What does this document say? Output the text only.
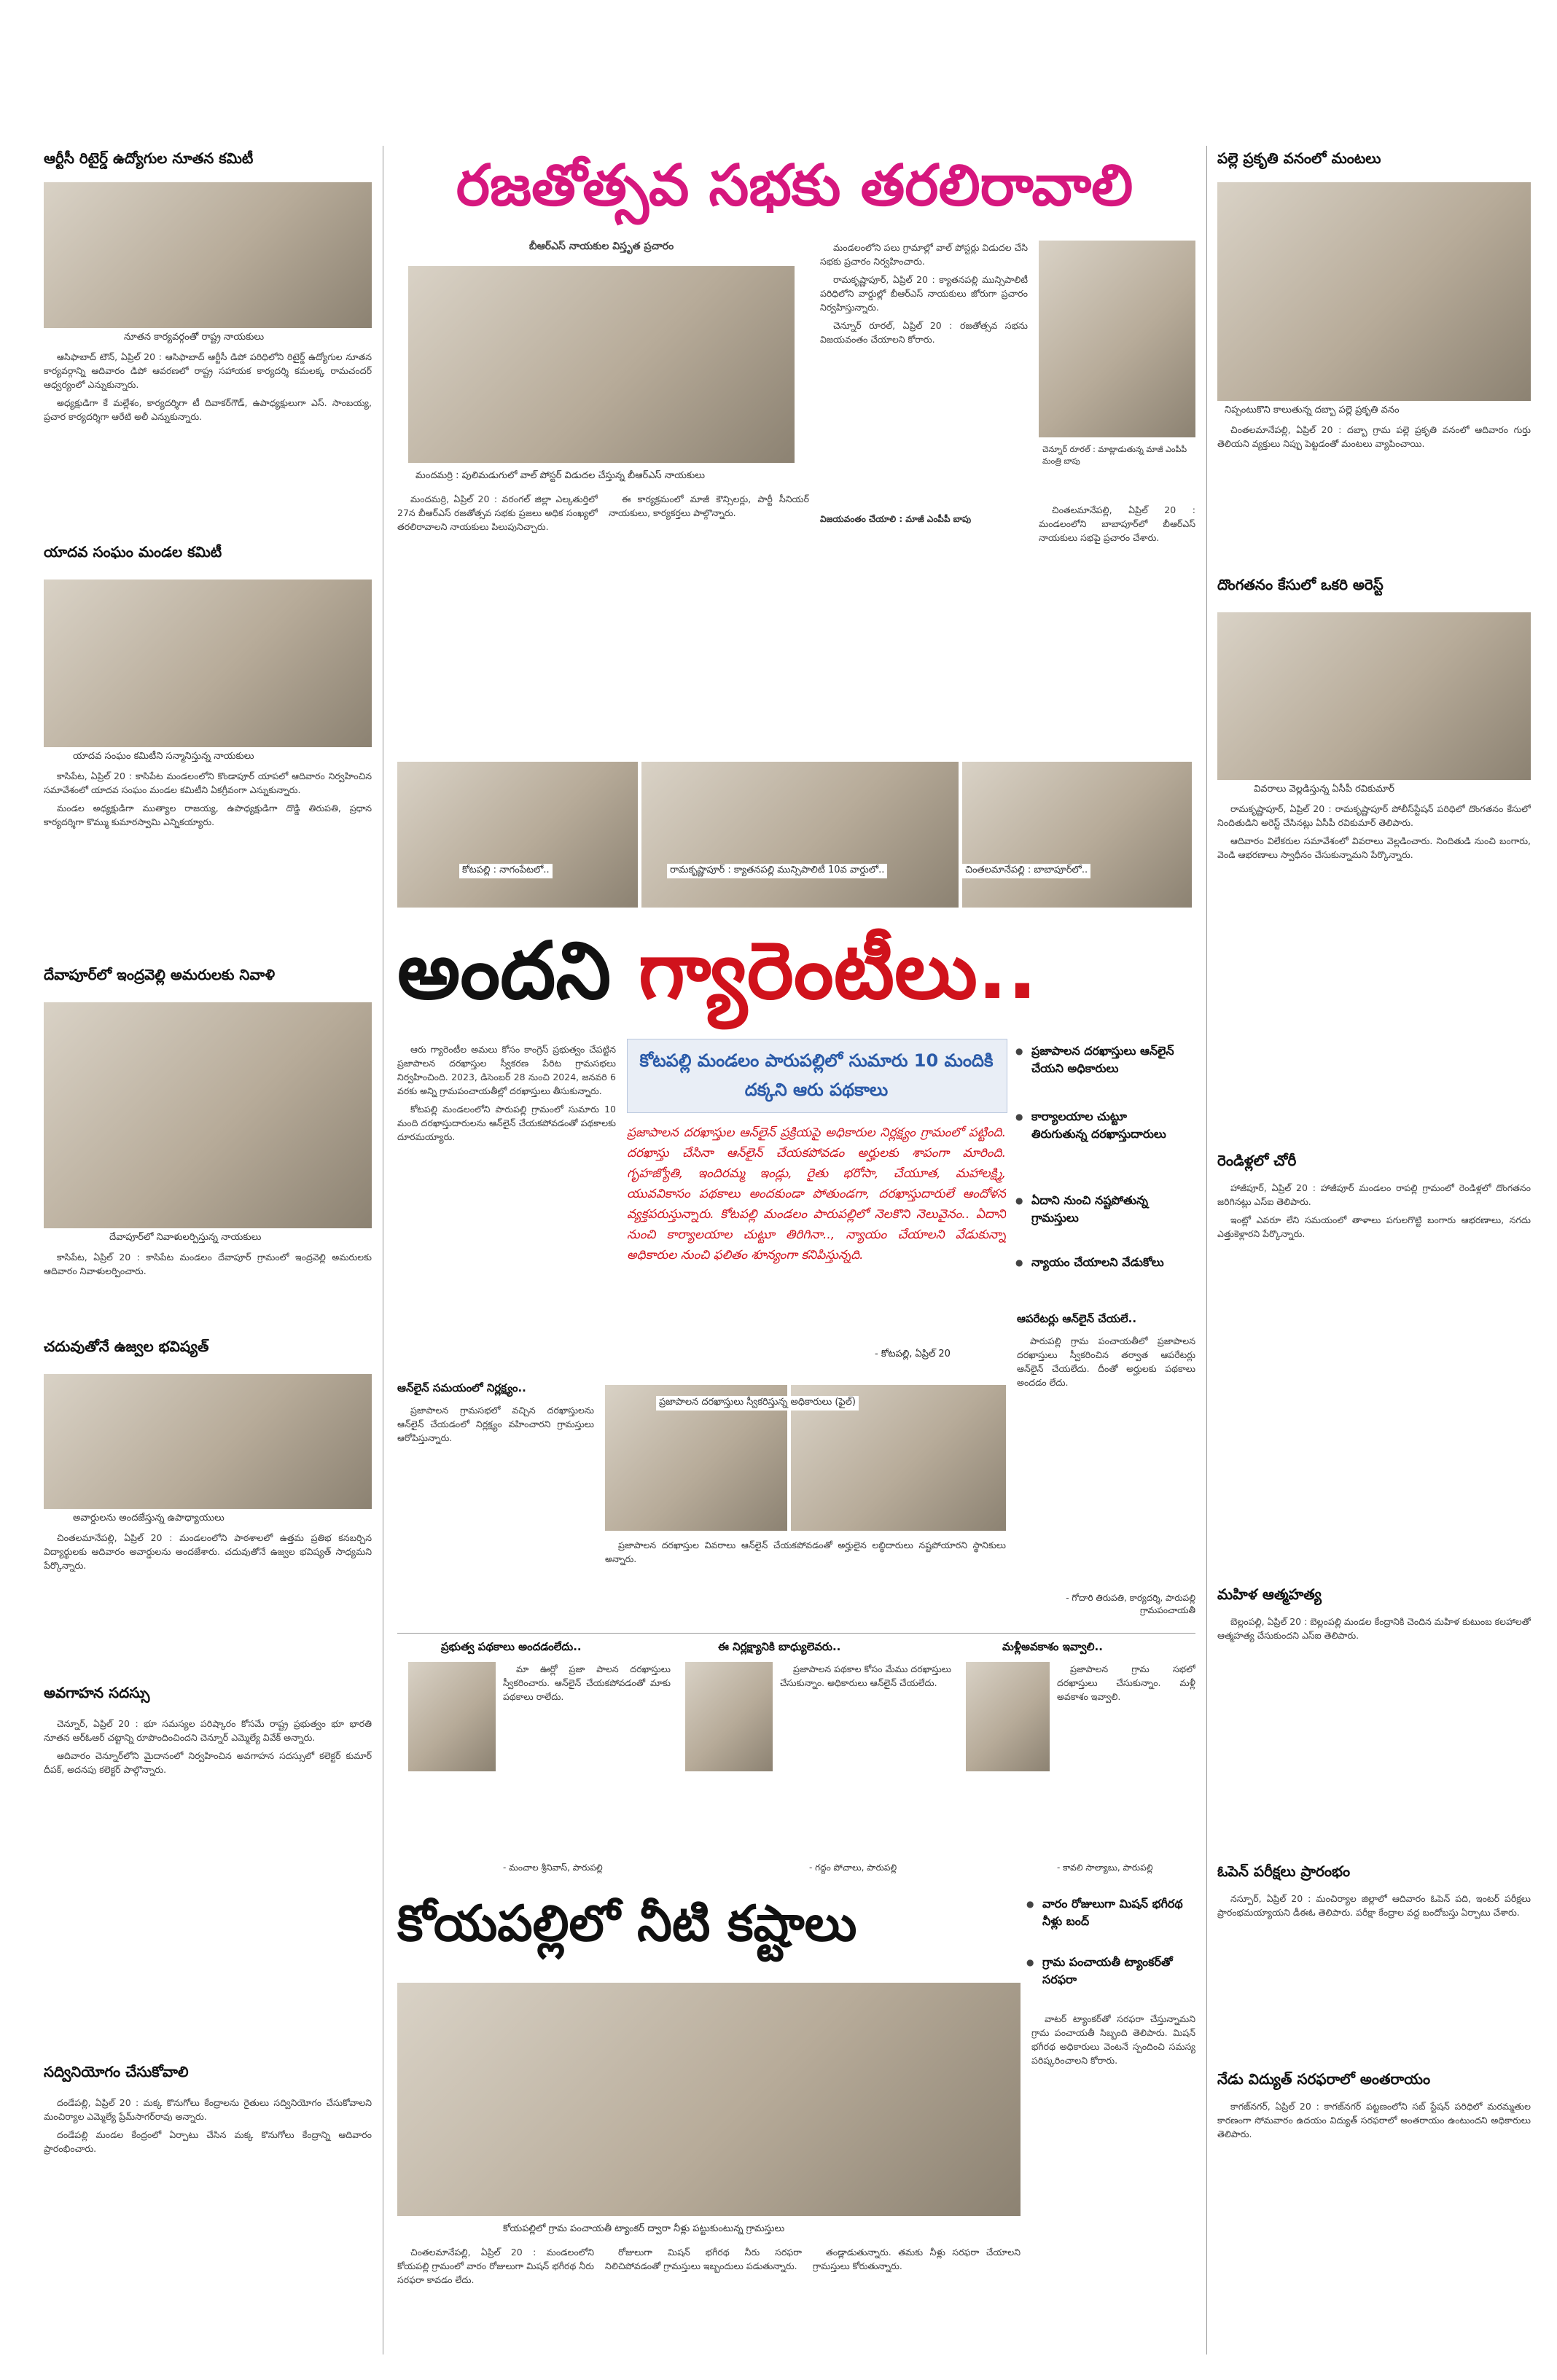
ఆర్టీసీ రిటైర్డ్ ఉద్యోగుల నూతన కమిటీ
నూతన కార్యవర్గంతో రాష్ట్ర నాయకులు

ఆసిఫాబాద్ టౌన్, ఏప్రిల్ 20 : ఆసిఫాబాద్ ఆర్టీసీ డిపో పరిధిలోని రిటైర్డ్ ఉద్యోగుల నూతన కార్యవర్గాన్ని ఆదివారం డిపో ఆవరణలో రాష్ట్ర సహాయక కార్యదర్శి కమలక్క రామచందర్ ఆధ్వర్యంలో ఎన్నుకున్నారు.

అధ్యక్షుడిగా కే మల్లేశం, కార్యదర్శిగా టీ దివాకర్‌గౌడ్, ఉపాధ్యక్షులుగా ఎస్. సాంబయ్య, ప్రచార కార్యదర్శిగా ఆరేటి అలీ ఎన్నుకున్నారు.

యాదవ సంఘం మండల కమిటీ
యాదవ సంఘం కమిటీని సన్మానిస్తున్న నాయకులు

కాసిపేట, ఏప్రిల్ 20 : కాసిపేట మండలంలోని కొండాపూర్ యాపలో ఆదివారం నిర్వహించిన సమావేశంలో యాదవ సంఘం మండల కమిటీని ఏకగ్రీవంగా ఎన్నుకున్నారు.

మండల అధ్యక్షుడిగా ముత్యాల రాజయ్య, ఉపాధ్యక్షుడిగా దొడ్డి తిరుపతి, ప్రధాన కార్యదర్శిగా కొమ్ము కుమారస్వామి ఎన్నికయ్యారు.

దేవాపూర్‌లో ఇంద్రవెల్లి అమరులకు నివాళి
దేవాపూర్‌లో నివాళులర్పిస్తున్న నాయకులు

కాసిపేట, ఏప్రిల్ 20 : కాసిపేట మండలం దేవాపూర్ గ్రామంలో ఇంద్రవెల్లి అమరులకు ఆదివారం నివాళులర్పించారు.

చదువుతోనే ఉజ్వల భవిష్యత్
అవార్డులను అందజేస్తున్న ఉపాధ్యాయులు

చింతలమానేపల్లి, ఏప్రిల్ 20 : మండలంలోని పాఠశాలలో ఉత్తమ ప్రతిభ కనబర్చిన విద్యార్థులకు ఆదివారం అవార్డులను అందజేశారు. చదువుతోనే ఉజ్వల భవిష్యత్ సాధ్యమని పేర్కొన్నారు.

అవగాహన సదస్సు

చెన్నూర్, ఏప్రిల్ 20 : భూ సమస్యల పరిష్కారం కోసమే రాష్ట్ర ప్రభుత్వం భూ భారతి నూతన ఆర్‌ఓఆర్ చట్టాన్ని రూపొందించిందని చెన్నూర్ ఎమ్మెల్యే వివేక్ అన్నారు.

ఆదివారం చెన్నూర్‌లోని మైదానంలో నిర్వహించిన అవగాహన సదస్సులో కలెక్టర్ కుమార్ దీపక్, అదనపు కలెక్టర్ పాల్గొన్నారు.

సద్వినియోగం చేసుకోవాలి

దండేపల్లి, ఏప్రిల్ 20 : మక్క కొనుగోలు కేంద్రాలను రైతులు సద్వినియోగం చేసుకోవాలని మంచిర్యాల ఎమ్మెల్యే ప్రేమ్‌సాగర్‌రావు అన్నారు.

దండేపల్లి మండల కేంద్రంలో ఏర్పాటు చేసిన మక్క కొనుగోలు కేంద్రాన్ని ఆదివారం ప్రారంభించారు.

రజతోత్సవ సభకు తరలిరావాలి
బీఆర్‌ఎస్ నాయకుల విస్తృత ప్రచారం
మందమర్రి : పులిమడుగులో వాల్ పోస్టర్ విడుదల చేస్తున్న బీఆర్ఎస్ నాయకులు

మందమర్రి, ఏప్రిల్ 20 : వరంగల్ జిల్లా ఎల్కతుర్తిలో 27న బీఆర్ఎస్ రజతోత్సవ సభకు ప్రజలు అధిక సంఖ్యలో తరలిరావాలని నాయకులు పిలుపునిచ్చారు.

ఈ కార్యక్రమంలో మాజీ కౌన్సిలర్లు, పార్టీ సీనియర్ నాయకులు, కార్యకర్తలు పాల్గొన్నారు.

మండలంలోని పలు గ్రామాల్లో వాల్ పోస్టర్లు విడుదల చేసి సభకు ప్రచారం నిర్వహించారు.

రామకృష్ణాపూర్, ఏప్రిల్ 20 : క్యాతనపల్లి మున్సిపాలిటీ పరిధిలోని వార్డుల్లో బీఆర్ఎస్ నాయకులు జోరుగా ప్రచారం నిర్వహిస్తున్నారు.

చెన్నూర్ రూరల్, ఏప్రిల్ 20 : రజతోత్సవ సభను విజయవంతం చేయాలని కోరారు.

చెన్నూర్ రూరల్ : మాట్లాడుతున్న మాజీ ఎంపీపీ మంత్రి బాపు
విజయవంతం చేయాలి : మాజీ ఎంపీపీ బాపు

చింతలమానేపల్లి, ఏప్రిల్ 20 : మండలంలోని బాబాపూర్‌లో బీఆర్ఎస్ నాయకులు సభపై ప్రచారం చేశారు.

కోటపల్లి : నాగంపేటలో..	రామకృష్ణాపూర్ : క్యాతనపల్లి మున్సిపాలిటీ 10వ వార్డులో..	చింతలమానేపల్లి : బాబాపూర్‌లో..
అందని గ్యారెంటీలు..

ఆరు గ్యారెంటీల అమలు కోసం కాంగ్రెస్ ప్రభుత్వం చేపట్టిన ప్రజాపాలన దరఖాస్తుల స్వీకరణ పేరిట గ్రామసభలు నిర్వహించింది. 2023, డిసెంబర్ 28 నుంచి 2024, జనవరి 6 వరకు అన్ని గ్రామపంచాయతీల్లో దరఖాస్తులు తీసుకున్నారు.

కోటపల్లి మండలంలోని పారుపల్లి గ్రామంలో సుమారు 10 మంది దరఖాస్తుదారులను ఆన్‌లైన్ చేయకపోవడంతో పథకాలకు దూరమయ్యారు.

కోటపల్లి మండలం పారుపల్లిలో సుమారు 10 మందికి దక్కని ఆరు పథకాలు
ప్రజాపాలన దరఖాస్తుల ఆన్‌లైన్ ప్రక్రియపై అధికారుల నిర్లక్ష్యం గ్రామంలో పట్టింది. దరఖాస్తు చేసినా ఆన్‌లైన్ చేయకపోవడం అర్హులకు శాపంగా మారింది. గృహజ్యోతి, ఇందిరమ్మ ఇండ్లు, రైతు భరోసా, చేయూత, మహాలక్ష్మి, యువవికాసం పథకాలు అందకుండా పోతుండగా, దరఖాస్తుదారులే ఆందోళన వ్యక్తపరుస్తున్నారు. కోటపల్లి మండలం పారుపల్లిలో నెలకొని నెలువైనం.. ఏదాని నుంచి కార్యాలయాల చుట్టూ తిరిగినా.., న్యాయం చేయాలని వేడుకున్నా అధికారుల నుంచి ఫలితం శూన్యంగా కనిపిస్తున్నది.
- కోటపల్లి, ఏప్రిల్ 20
● ప్రజాపాలన దరఖాస్తులు ఆన్‌లైన్ చేయని అధికారులు
● కార్యాలయాల చుట్టూ తిరుగుతున్న దరఖాస్తుదారులు
● ఏదాని నుంచి నష్టపోతున్న గ్రామస్తులు
● న్యాయం చేయాలని వేడుకోలు
ఆపరేటర్లు ఆన్‌లైన్ చేయలే..

పారుపల్లి గ్రామ పంచాయతీలో ప్రజాపాలన దరఖాస్తులు స్వీకరించిన తర్వాత ఆపరేటర్లు ఆన్‌లైన్ చేయలేదు. దీంతో అర్హులకు పథకాలు అందడం లేదు.

- గోదారి తిరుపతి, కార్యదర్శి, పారుపల్లి గ్రామపంచాయతీ
ఆన్‌లైన్ సమయంలో నిర్లక్ష్యం..

ప్రజాపాలన గ్రామసభలో వచ్చిన దరఖాస్తులను ఆన్‌లైన్ చేయడంలో నిర్లక్ష్యం వహించారని గ్రామస్తులు ఆరోపిస్తున్నారు.

ప్రజాపాలన దరఖాస్తులు స్వీకరిస్తున్న అధికారులు (ఫైల్)

ప్రజాపాలన దరఖాస్తుల వివరాలు ఆన్‌లైన్ చేయకపోవడంతో అర్హులైన లబ్ధిదారులు నష్టపోయారని స్థానికులు అన్నారు.

ప్రభుత్వ పథకాలు అందడంలేదు..

మా ఊర్లో ప్రజా పాలన దరఖాస్తులు స్వీకరించారు. ఆన్‌లైన్ చేయకపోవడంతో మాకు పథకాలు రాలేదు.

- మంచాల శ్రీనివాస్, పారుపల్లి
ఈ నిర్లక్ష్యానికి బాధ్యులెవరు..

ప్రజాపాలన పథకాల కోసం మేము దరఖాస్తులు చేసుకున్నాం. అధికారులు ఆన్‌లైన్ చేయలేదు.

- గద్దం పోచాలు, పారుపల్లి
మళ్లీఅవకాశం ఇవ్వాలి..

ప్రజాపాలన గ్రామ సభలో దరఖాస్తులు చేసుకున్నాం. మళ్లీ అవకాశం ఇవ్వాలి.

- కావలి సాల్యాబు, పారుపల్లి
కోయపల్లిలో నీటి కష్టాలు
●	వారం రోజులుగా మిషన్ భగీరథ నీళ్లు బంద్
● గ్రామ పంచాయతీ ట్యాంకర్‌తో సరఫరా
కోయపల్లిలో గ్రామ పంచాయతీ ట్యాంకర్ ద్వారా నీళ్లు పట్టుకుంటున్న గ్రామస్తులు

చింతలమానేపల్లి, ఏప్రిల్ 20 : మండలంలోని కోయపల్లి గ్రామంలో వారం రోజులుగా మిషన్ భగీరథ నీరు సరఫరా కావడం లేదు.

రోజులుగా మిషన్ భగీరథ నీరు సరఫరా నిలిచిపోవడంతో గ్రామస్తులు ఇబ్బందులు పడుతున్నారు.

తండ్లాడుతున్నారు. తమకు నీళ్లు సరఫరా చేయాలని గ్రామస్తులు కోరుతున్నారు.

వాటర్ ట్యాంకర్‌తో సరఫరా చేస్తున్నామని గ్రామ పంచాయతీ సిబ్బంది తెలిపారు. మిషన్ భగీరథ అధికారులు వెంటనే స్పందించి సమస్య పరిష్కరించాలని కోరారు.

పల్లె ప్రకృతి వనంలో మంటలు
నిప్పంటుకొని కాలుతున్న దబ్బా పల్లె ప్రకృతి వనం

చింతలమానేపల్లి, ఏప్రిల్ 20 : దబ్బా గ్రామ పల్లె ప్రకృతి వనంలో ఆదివారం గుర్తు తెలియని వ్యక్తులు నిప్పు పెట్టడంతో మంటలు వ్యాపించాయి.

దొంగతనం కేసులో ఒకరి అరెస్ట్
వివరాలు వెల్లడిస్తున్న ఏసీపీ రవికుమార్

రామకృష్ణాపూర్, ఏప్రిల్ 20 : రామకృష్ణాపూర్ పోలీస్‌స్టేషన్ పరిధిలో దొంగతనం కేసులో నిందితుడిని అరెస్ట్ చేసినట్లు ఏసీపీ రవికుమార్ తెలిపారు.

ఆదివారం విలేకరుల సమావేశంలో వివరాలు వెల్లడించారు. నిందితుడి నుంచి బంగారు, వెండి ఆభరణాలు స్వాధీనం చేసుకున్నామని పేర్కొన్నారు.

రెండిళ్లలో చోరీ

హాజీపూర్, ఏప్రిల్ 20 : హాజీపూర్ మండలం రాపల్లి గ్రామంలో రెండిళ్లలో దొంగతనం జరిగినట్లు ఎస్ఐ తెలిపారు.

ఇంట్లో ఎవరూ లేని సమయంలో తాళాలు పగులగొట్టి బంగారు ఆభరణాలు, నగదు ఎత్తుకెళ్లారని పేర్కొన్నారు.

మహిళ ఆత్మహత్య

బెల్లంపల్లి, ఏప్రిల్ 20 : బెల్లంపల్లి మండల కేంద్రానికి చెందిన మహిళ కుటుంబ కలహాలతో ఆత్మహత్య చేసుకుందని ఎస్ఐ తెలిపారు.

ఓపెన్ పరీక్షలు ప్రారంభం

నస్పూర్, ఏప్రిల్ 20 : మంచిర్యాల జిల్లాలో ఆదివారం ఓపెన్ పది, ఇంటర్ పరీక్షలు ప్రారంభమయ్యాయని డీఈఓ తెలిపారు. పరీక్షా కేంద్రాల వద్ద బందోబస్తు ఏర్పాటు చేశారు.

నేడు విద్యుత్ సరఫరాలో అంతరాయం

కాగజ్‌నగర్, ఏప్రిల్ 20 : కాగజ్‌నగర్ పట్టణంలోని సబ్ స్టేషన్ పరిధిలో మరమ్మతుల కారణంగా సోమవారం ఉదయం విద్యుత్ సరఫరాలో అంతరాయం ఉంటుందని అధికారులు తెలిపారు.
